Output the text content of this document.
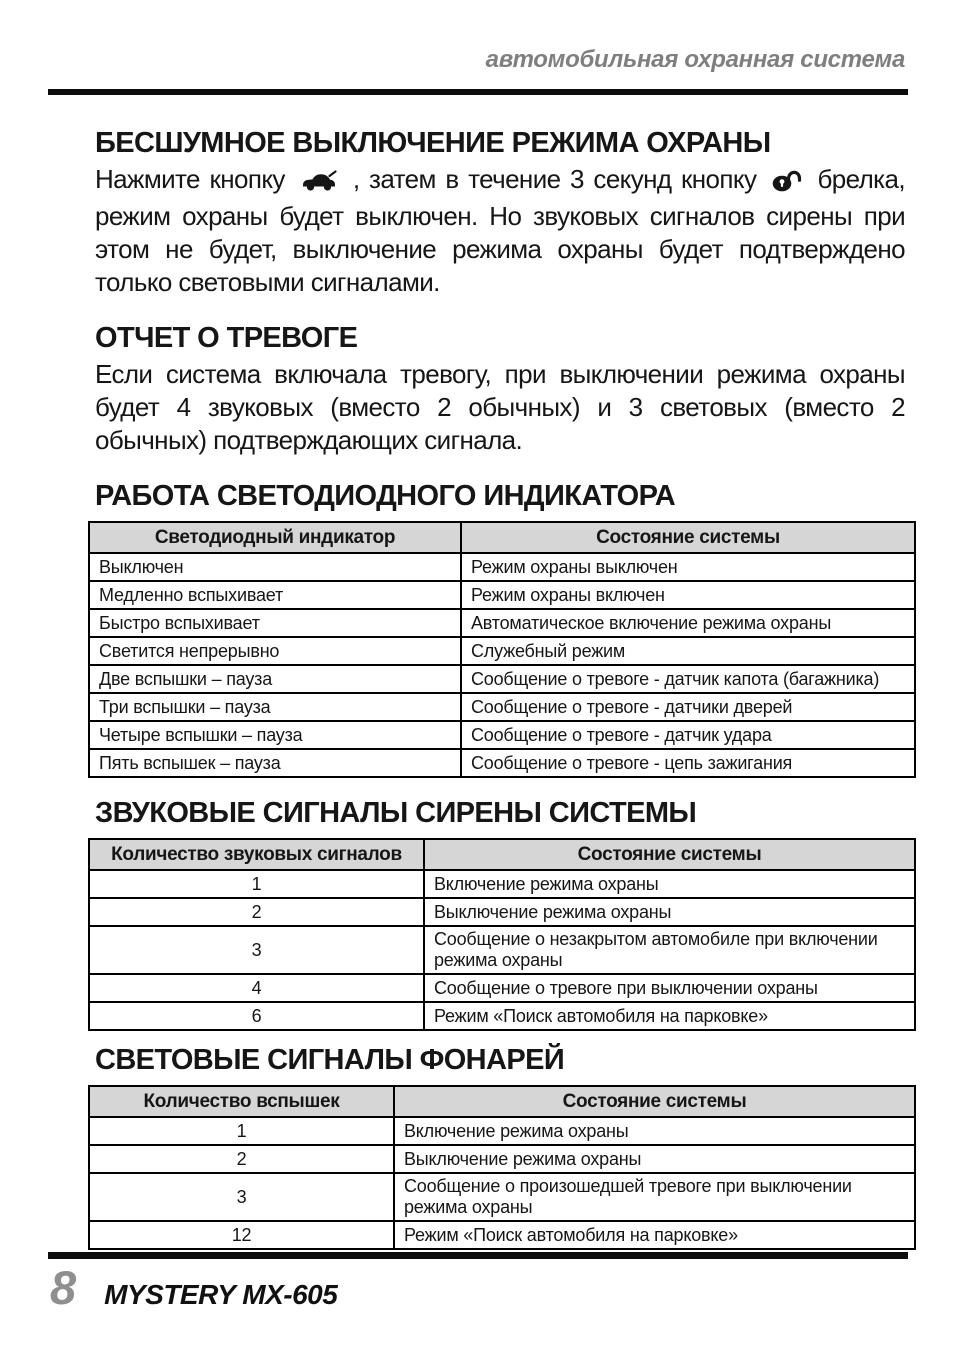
автомобильная охранная система
БЕСШУМНОЕ ВЫКЛЮЧЕНИЕ РЕЖИМА ОХРАНЫ
Нажмите кнопку	, затем в течение 3 секунд кнопку брелка, режим охраны будет выключен. Но звуковых сигналов сирены при этом не будет, выключение режима охраны будет подтверждено только световыми сигналами.
ОТЧЕТ О ТРЕВОГЕ
Если система включала тревогу, при выключении режима охраны будет 4 звуковых (вместо 2 обычных) и 3 световых (вместо 2 обычных) подтверждающих сигнала.
РАБОТА СВЕТОДИОДНОГО ИНДИКАТОРА
Светодиодный индикатор	Состояние системы
Выключен	Режим охраны выключен
Медленно вспыхивает	Режим охраны включен
Быстро вспыхивает	Автоматическое включение режима охраны
Светится непрерывно	Служебный режим
Две вспышки – пауза	Сообщение о тревоге - датчик капота (багажника)
Три вспышки – пауза	Сообщение о тревоге - датчики дверей
Четыре вспышки – пауза	Сообщение о тревоге - датчик удара
Пять вспышек – пауза	Сообщение о тревоге - цепь зажигания
ЗВУКОВЫЕ СИГНАЛЫ СИРЕНЫ СИСТЕМЫ
Количество звуковых сигналов	Состояние системы
1	Включение режима охраны
2	Выключение режима охраны
3	Сообщение о незакрытом автомобиле при включении режима охраны
4	Сообщение о тревоге при выключении охраны
6	Режим «Поиск автомобиля на парковке»
СВЕТОВЫЕ СИГНАЛЫ ФОНАРЕЙ
Количество вспышек	Состояние системы
1	Включение режима охраны
2	Выключение режима охраны
3	Сообщение о произошедшей тревоге при выключении режима охраны
12	Режим «Поиск автомобиля на парковке»
8 MYSTERY MX-605
